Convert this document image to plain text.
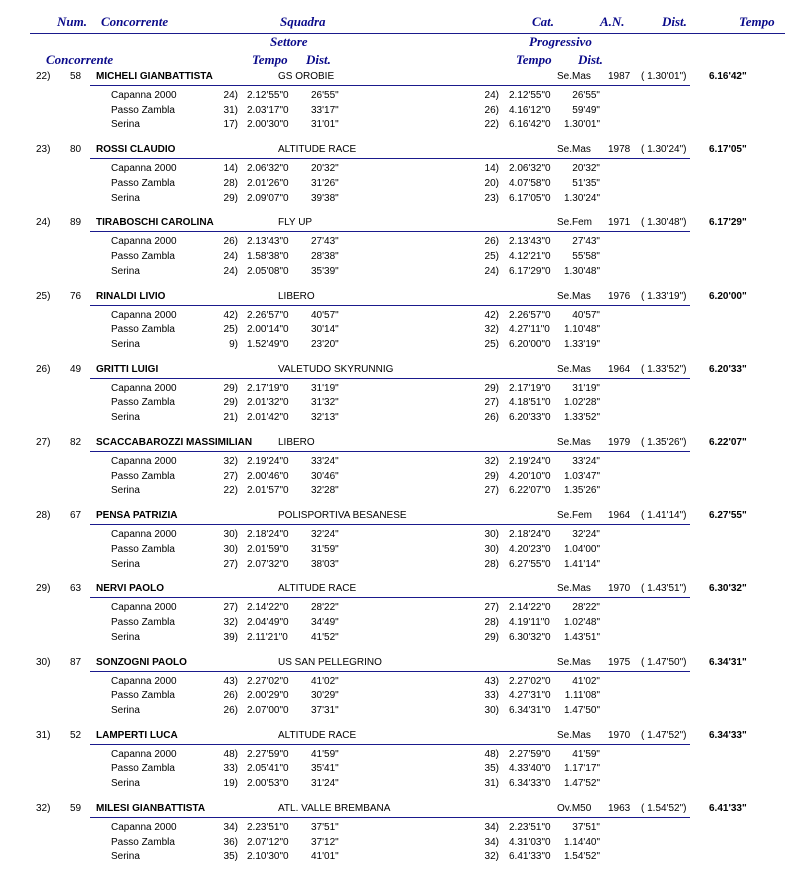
Num. Concorrente	Squadra	Cat.	A.N.	Dist.	Tempo
Settore	Progressivo
Concorrente	Tempo Dist.	Tempo Dist.
22) 58 MICHELI GIANBATTISTA	GS OROBIE	Se.Mas 1987 ( 1.30'01") 6.16'42"
Capanna 2000	24) 2.12'55"0 26'55"	24) 2.12'55"0	26'55"
Passo Zambla	31) 2.03'17"0 33'17"	26) 4.16'12"0	59'49"
Serina	17) 2.00'30"0 31'01"	22) 6.16'42"0	1.30'01"
23) 80 ROSSI CLAUDIO	ALTITUDE RACE	Se.Mas 1978 ( 1.30'24") 6.17'05"
Capanna 2000	14) 2.06'32"0 20'32"	14) 2.06'32"0	20'32"
Passo Zambla	28) 2.01'26"0 31'26"	20) 4.07'58"0	51'35"
Serina	29) 2.09'07"0 39'38"	23) 6.17'05"0	1.30'24"
24) 89 TIRABOSCHI CAROLINA	FLY UP	Se.Fem 1971 ( 1.30'48") 6.17'29"
Capanna 2000	26) 2.13'43"0 27'43"	26) 2.13'43"0	27'43"
Passo Zambla	24) 1.58'38"0 28'38"	25) 4.12'21"0	55'58"
Serina	24) 2.05'08"0 35'39"	24) 6.17'29"0	1.30'48"
25) 76 RINALDI LIVIO	LIBERO	Se.Mas 1976 ( 1.33'19") 6.20'00"
Capanna 2000	42) 2.26'57"0 40'57"	42) 2.26'57"0	40'57"
Passo Zambla	25) 2.00'14"0 30'14"	32) 4.27'11"0	1.10'48"
Serina	9) 1.52'49"0 23'20"	25) 6.20'00"0	1.33'19"
26) 49 GRITTI LUIGI	VALETUDO SKYRUNNIG	Se.Mas 1964 ( 1.33'52") 6.20'33"
Capanna 2000	29) 2.17'19"0 31'19"	29) 2.17'19"0	31'19"
Passo Zambla	29) 2.01'32"0 31'32"	27) 4.18'51"0	1.02'28"
Serina	21) 2.01'42"0 32'13"	26) 6.20'33"0	1.33'52"
27) 82 SCACCABAROZZI MASSIMILIAN	LIBERO	Se.Mas 1979 ( 1.35'26") 6.22'07"
Capanna 2000	32) 2.19'24"0 33'24"	32) 2.19'24"0	33'24"
Passo Zambla	27) 2.00'46"0 30'46"	29) 4.20'10"0	1.03'47"
Serina	22) 2.01'57"0 32'28"	27) 6.22'07"0	1.35'26"
28) 67 PENSA PATRIZIA	POLISPORTIVA BESANESE	Se.Fem 1964 ( 1.41'14") 6.27'55"
Capanna 2000	30) 2.18'24"0 32'24"	30) 2.18'24"0	32'24"
Passo Zambla	30) 2.01'59"0 31'59"	30) 4.20'23"0	1.04'00"
Serina	27) 2.07'32"0 38'03"	28) 6.27'55"0	1.41'14"
29) 63 NERVI PAOLO	ALTITUDE RACE	Se.Mas 1970 ( 1.43'51") 6.30'32"
Capanna 2000	27) 2.14'22"0 28'22"	27) 2.14'22"0	28'22"
Passo Zambla	32) 2.04'49"0 34'49"	28) 4.19'11"0	1.02'48"
Serina	39) 2.11'21"0 41'52"	29) 6.30'32"0	1.43'51"
30) 87 SONZOGNI PAOLO	US SAN PELLEGRINO	Se.Mas 1975 ( 1.47'50") 6.34'31"
Capanna 2000	43) 2.27'02"0 41'02"	43) 2.27'02"0	41'02"
Passo Zambla	26) 2.00'29"0 30'29"	33) 4.27'31"0	1.11'08"
Serina	26) 2.07'00"0 37'31"	30) 6.34'31"0	1.47'50"
31) 52 LAMPERTI LUCA	ALTITUDE RACE	Se.Mas 1970 ( 1.47'52") 6.34'33"
Capanna 2000	48) 2.27'59"0 41'59"	48) 2.27'59"0	41'59"
Passo Zambla	33) 2.05'41"0 35'41"	35) 4.33'40"0	1.17'17"
Serina	19) 2.00'53"0 31'24"	31) 6.34'33"0	1.47'52"
32) 59 MILESI GIANBATTISTA	ATL. VALLE BREMBANA	Ov.M50 1963 ( 1.54'52") 6.41'33"
Capanna 2000	34) 2.23'51"0 37'51"	34) 2.23'51"0	37'51"
Passo Zambla	36) 2.07'12"0 37'12"	34) 4.31'03"0	1.14'40"
Serina	35) 2.10'30"0 41'01"	32) 6.41'33"0	1.54'52"
